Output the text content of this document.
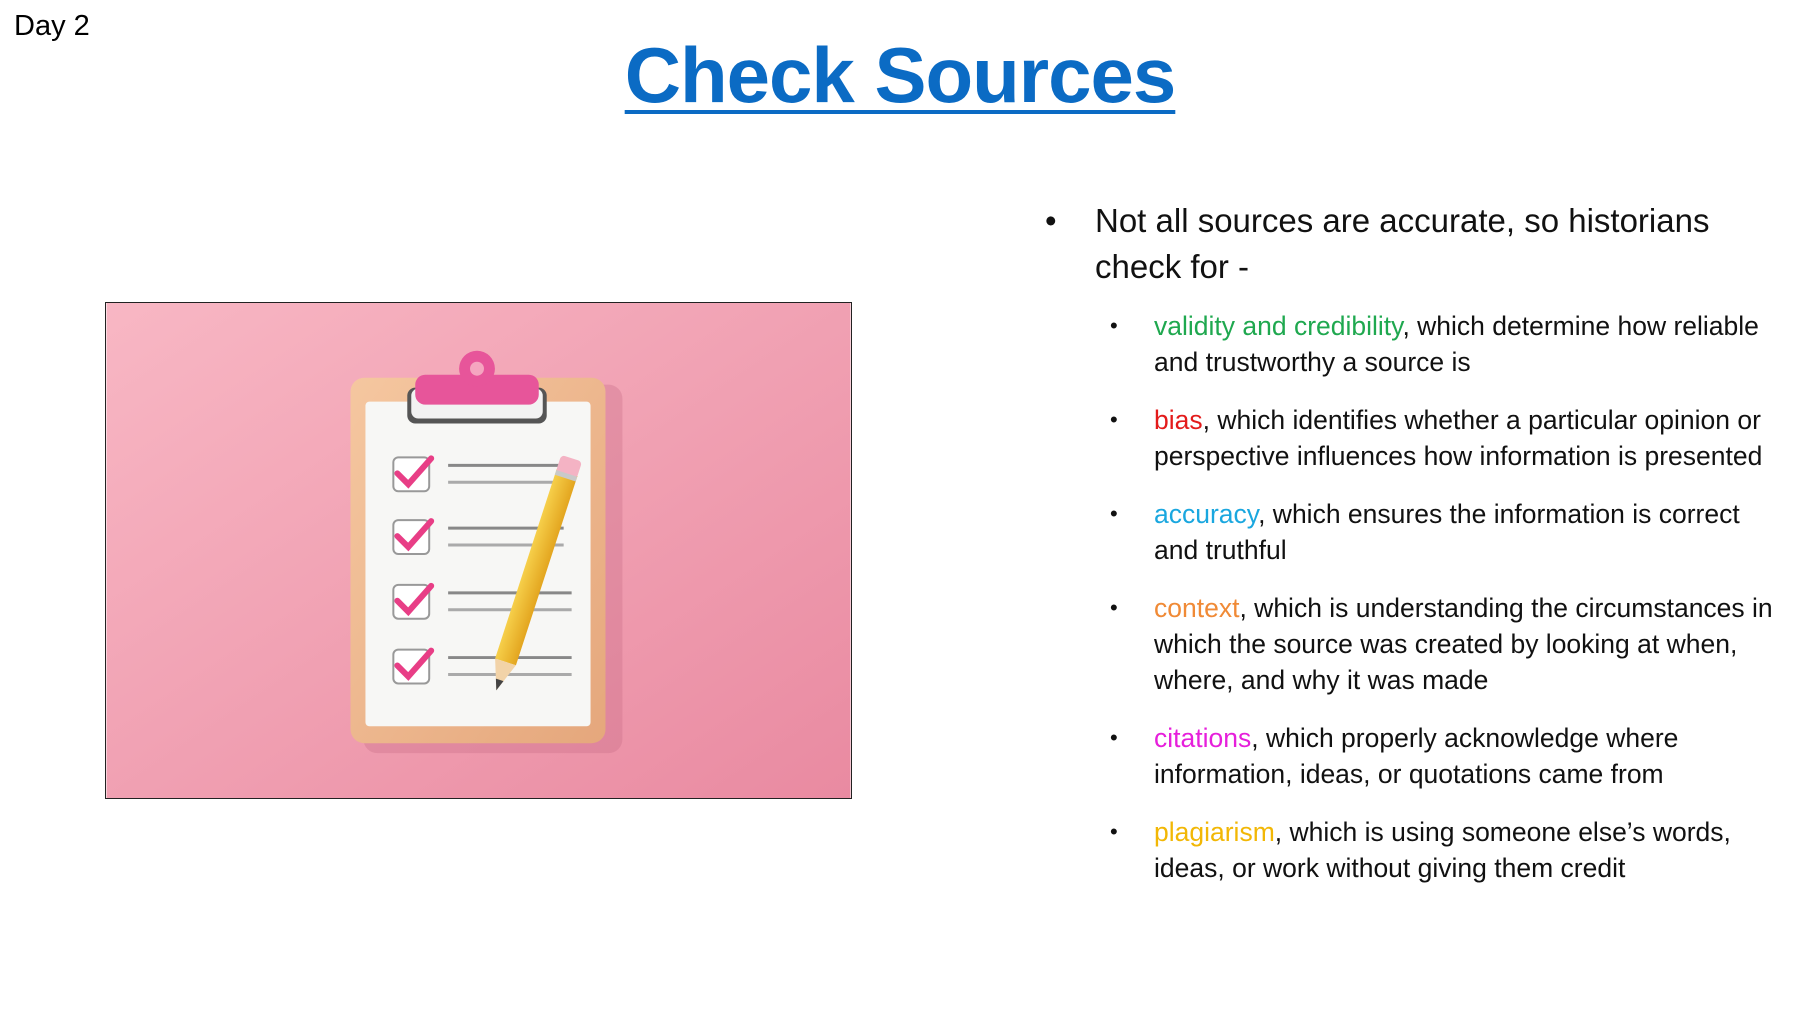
Day 2
Check Sources
• Not all sources are accurate, so historians check for -
• validity and credibility, which determine how reliable and trustworthy a source is
• bias, which identifies whether a particular opinion or perspective influences how information is presented
• accuracy, which ensures the information is correct and truthful
• context, which is understanding the circumstances in which the source was created by looking at when, where, and why it was made
• citations, which properly acknowledge where information, ideas, or quotations came from
• plagiarism, which is using someone else’s words, ideas, or work without giving them credit
